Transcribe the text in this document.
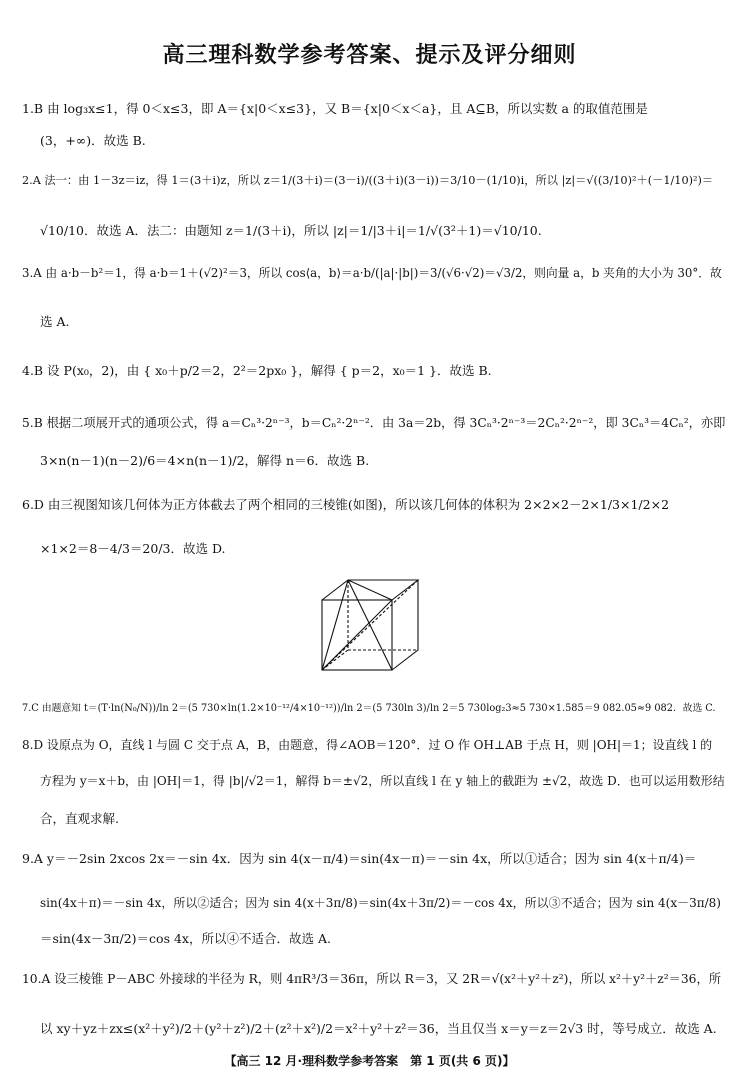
高三理科数学参考答案、提示及评分细则
1.B 由 log₃x≤1，得 0＜x≤3，即 A＝{x|0＜x≤3}，又 B＝{x|0＜x＜a}，且 A⊆B，所以实数 a 的取值范围是
(3，+∞)．故选 B.
2.A 法一：由 1－3z＝iz，得 1＝(3＋i)z，所以 z＝1/(3＋i)＝(3－i)/((3＋i)(3－i))＝3/10－(1/10)i，所以 |z|＝√((3/10)²＋(－1/10)²)＝
√10/10．故选 A．法二：由题知 z＝1/(3＋i)，所以 |z|＝1/|3＋i|＝1/√(3²＋1)＝√10/10.
3.A 由 a·b－b²＝1，得 a·b＝1＋(√2)²＝3，所以 cos⟨a，b⟩＝a·b/(|a|·|b|)＝3/(√6·√2)＝√3/2，则向量 a，b 夹角的大小为 30°．故
选 A.
4.B 设 P(x₀，2)，由 { x₀＋p/2＝2，2²＝2px₀ }，解得 { p＝2，x₀＝1 }．故选 B.
5.B 根据二项展开式的通项公式，得 a＝Cₙ³·2ⁿ⁻³，b＝Cₙ²·2ⁿ⁻²．由 3a＝2b，得 3Cₙ³·2ⁿ⁻³＝2Cₙ²·2ⁿ⁻²，即 3Cₙ³＝4Cₙ²，亦即
3×n(n－1)(n－2)/6＝4×n(n－1)/2，解得 n＝6．故选 B.
6.D 由三视图知该几何体为正方体截去了两个相同的三棱锥(如图)，所以该几何体的体积为 2×2×2－2×1/3×1/2×2
×1×2＝8－4/3＝20/3．故选 D.
7.C 由题意知 t＝(T·ln(N₀/N))/ln 2＝(5 730×ln(1.2×10⁻¹²/4×10⁻¹²))/ln 2＝(5 730ln 3)/ln 2＝5 730log₂3≈5 730×1.585＝9 082.05≈9 082．故选 C.
8.D 设原点为 O，直线 l 与圆 C 交于点 A，B，由题意，得∠AOB＝120°．过 O 作 OH⊥AB 于点 H，则 |OH|＝1；设直线 l 的
方程为 y＝x＋b，由 |OH|＝1，得 |b|/√2＝1，解得 b＝±√2，所以直线 l 在 y 轴上的截距为 ±√2，故选 D．也可以运用数形结
合，直观求解.
9.A y＝－2sin 2xcos 2x＝－sin 4x．因为 sin 4(x－π/4)＝sin(4x－π)＝－sin 4x，所以①适合；因为 sin 4(x＋π/4)＝
sin(4x＋π)＝－sin 4x，所以②适合；因为 sin 4(x＋3π/8)＝sin(4x＋3π/2)＝－cos 4x，所以③不适合；因为 sin 4(x－3π/8)
＝sin(4x－3π/2)＝cos 4x，所以④不适合．故选 A.
10.A 设三棱锥 P－ABC 外接球的半径为 R，则 4πR³/3＝36π，所以 R＝3，又 2R＝√(x²＋y²＋z²)，所以 x²＋y²＋z²＝36，所
以 xy＋yz＋zx≤(x²＋y²)/2＋(y²＋z²)/2＋(z²＋x²)/2＝x²＋y²＋z²＝36，当且仅当 x＝y＝z＝2√3 时，等号成立．故选 A.
【高三 12 月·理科数学参考答案　第 1 页(共 6 页)】
